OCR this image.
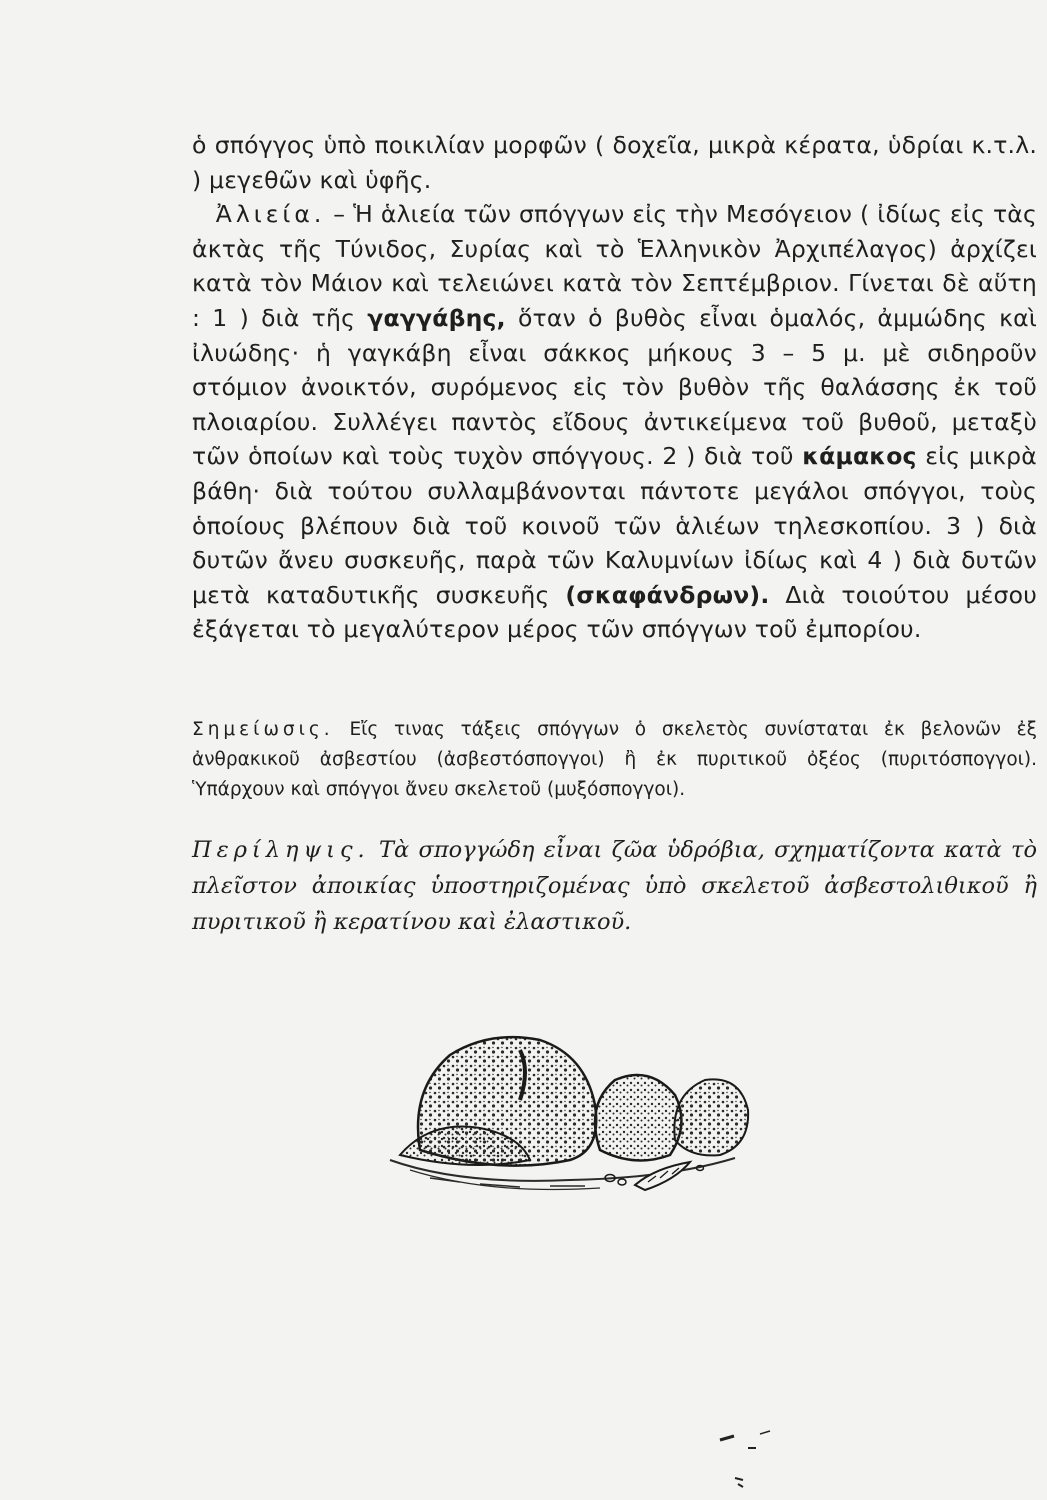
ὁ σπόγγος ὑπὸ ποικιλίαν μορφῶν ( δοχεῖα, μικρὰ κέρατα, ὑδρίαι κ.τ.λ. ) μεγεθῶν καὶ ὑφῆς.

Ἀλιεία. – Ἡ ἁλιεία τῶν σπόγγων εἰς τὴν Μεσόγειον ( ἰδίως εἰς τὰς ἀκτὰς τῆς Τύνιδος, Συρίας καὶ τὸ Ἑλληνικὸν Ἀρχιπέλαγος) ἀρχίζει κατὰ τὸν Μάιον καὶ τελειώνει κατὰ τὸν Σεπτέμβριον. Γίνεται δὲ αὕτη : 1 ) διὰ τῆς γαγγάβης, ὅταν ὁ βυθὸς εἶναι ὁμαλός, ἀμμώδης καὶ ἰλυώδης· ἡ γαγκάβη εἶναι σάκκος μήκους 3 – 5 μ. μὲ σιδηροῦν στόμιον ἀνοικτόν, συρόμενος εἰς τὸν βυθὸν τῆς θαλάσσης ἐκ τοῦ πλοιαρίου. Συλλέγει παντὸς εἴδους ἀντικείμενα τοῦ βυθοῦ, μεταξὺ τῶν ὁποίων καὶ τοὺς τυχὸν σπόγγους. 2 ) διὰ τοῦ κάμακος εἰς μικρὰ βάθη· διὰ τούτου συλλαμβάνονται πάντοτε μεγάλοι σπόγγοι, τοὺς ὁποίους βλέπουν διὰ τοῦ κοινοῦ τῶν ἁλιέων τηλεσκοπίου. 3 ) διὰ δυτῶν ἄνευ συσκευῆς, παρὰ τῶν Καλυμνίων ἰδίως καὶ 4 ) διὰ δυτῶν μετὰ καταδυτικῆς συσκευῆς (σκαφάνδρων). Διὰ τοιούτου μέσου ἐξάγεται τὸ μεγαλύτερον μέρος τῶν σπόγγων τοῦ ἐμπορίου.

Σημείωσις. Εἴς τινας τάξεις σπόγγων ὁ σκελετὸς συνίσταται ἐκ βελονῶν ἐξ ἀνθρακικοῦ ἀσβεστίου (ἀσβεστόσπογγοι) ἢ ἐκ πυριτικοῦ ὀξέος (πυριτόσπογγοι). Ὑπάρχουν καὶ σπόγγοι ἄνευ σκελετοῦ (μυξόσπογγοι).

Περίληψις. Τὰ σπογγώδη εἶναι ζῶα ὑδρόβια, σχηματίζοντα κατὰ τὸ πλεῖστον ἀποικίας ὑποστηριζομένας ὑπὸ σκελετοῦ ἀσβεστολιθικοῦ ἢ πυριτικοῦ ἢ κερατίνου καὶ ἐλαστικοῦ.
